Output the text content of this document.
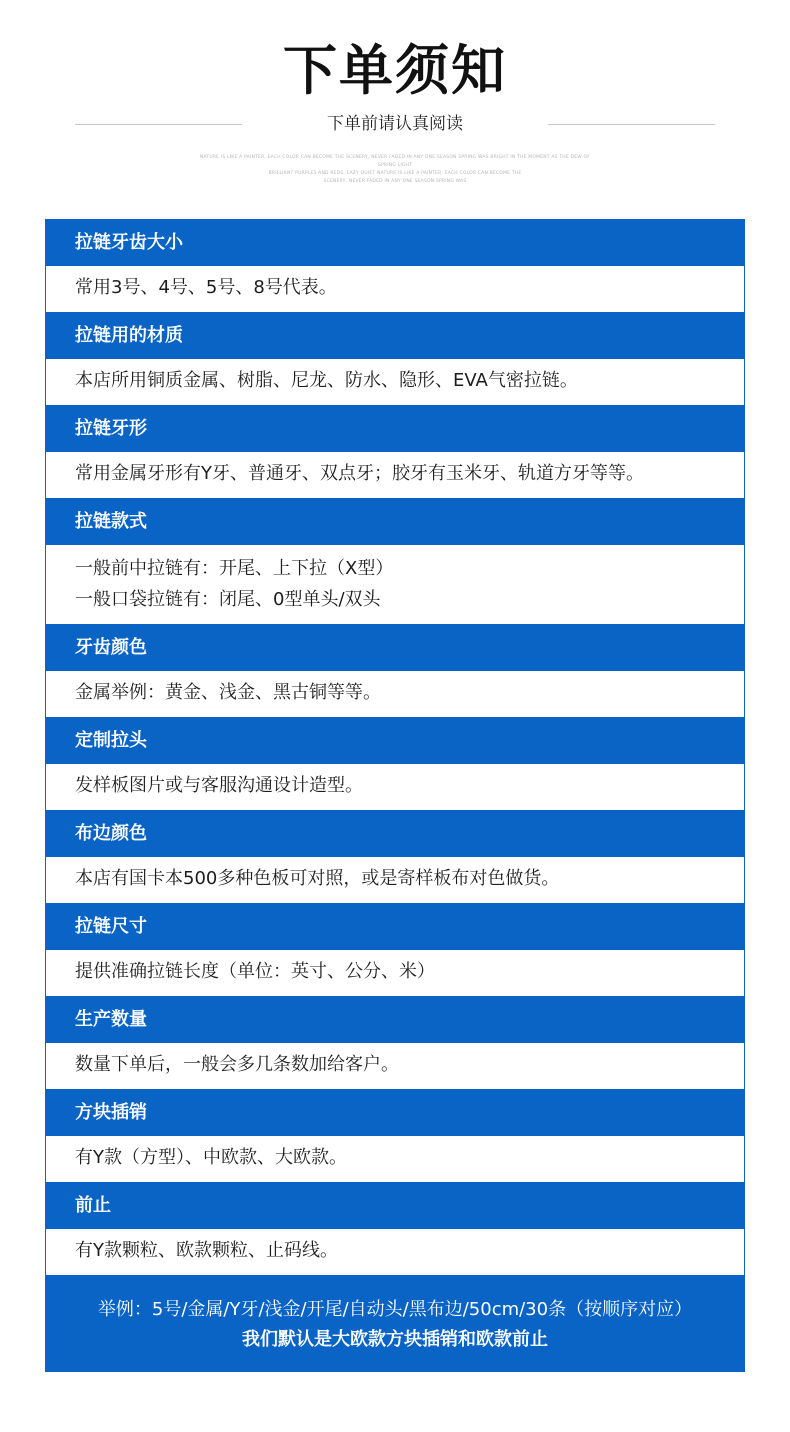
下单须知
下单前请认真阅读
NATURE IS LIKE A PAINTER, EACH COLOR CAN BECOME THE SCENERY, NEVER FADED IN ANY ONE SEASON SPRING WAS BRIGHT IN THE MOMENT AS THE DEW OF SPRING LIGHT
BRILLIANT PURPLES AND REDS, LAZY QUIET NATURE IS LIKE A PAINTER, EACH COLOR CAN BECOME THE
SCENERY, NEVER FADED IN ANY ONE SEASON SPRING WAS
拉链牙齿大小
常用3号、4号、5号、8号代表。
拉链用的材质
本店所用铜质金属、树脂、尼龙、防水、隐形、EVA气密拉链。
拉链牙形
常用金属牙形有Y牙、普通牙、双点牙；胶牙有玉米牙、轨道方牙等等。
拉链款式
一般前中拉链有：开尾、上下拉（X型）
一般口袋拉链有：闭尾、0型单头/双头
牙齿颜色
金属举例：黄金、浅金、黑古铜等等。
定制拉头
发样板图片或与客服沟通设计造型。
布边颜色
本店有国卡本500多种色板可对照，或是寄样板布对色做货。
拉链尺寸
提供准确拉链长度（单位：英寸、公分、米）
生产数量
数量下单后，一般会多几条数加给客户。
方块插销
有Y款（方型）、中欧款、大欧款。
前止
有Y款颗粒、欧款颗粒、止码线。
举例：5号/金属/Y牙/浅金/开尾/自动头/黑布边/50cm/30条（按顺序对应）
我们默认是大欧款方块插销和欧款前止
